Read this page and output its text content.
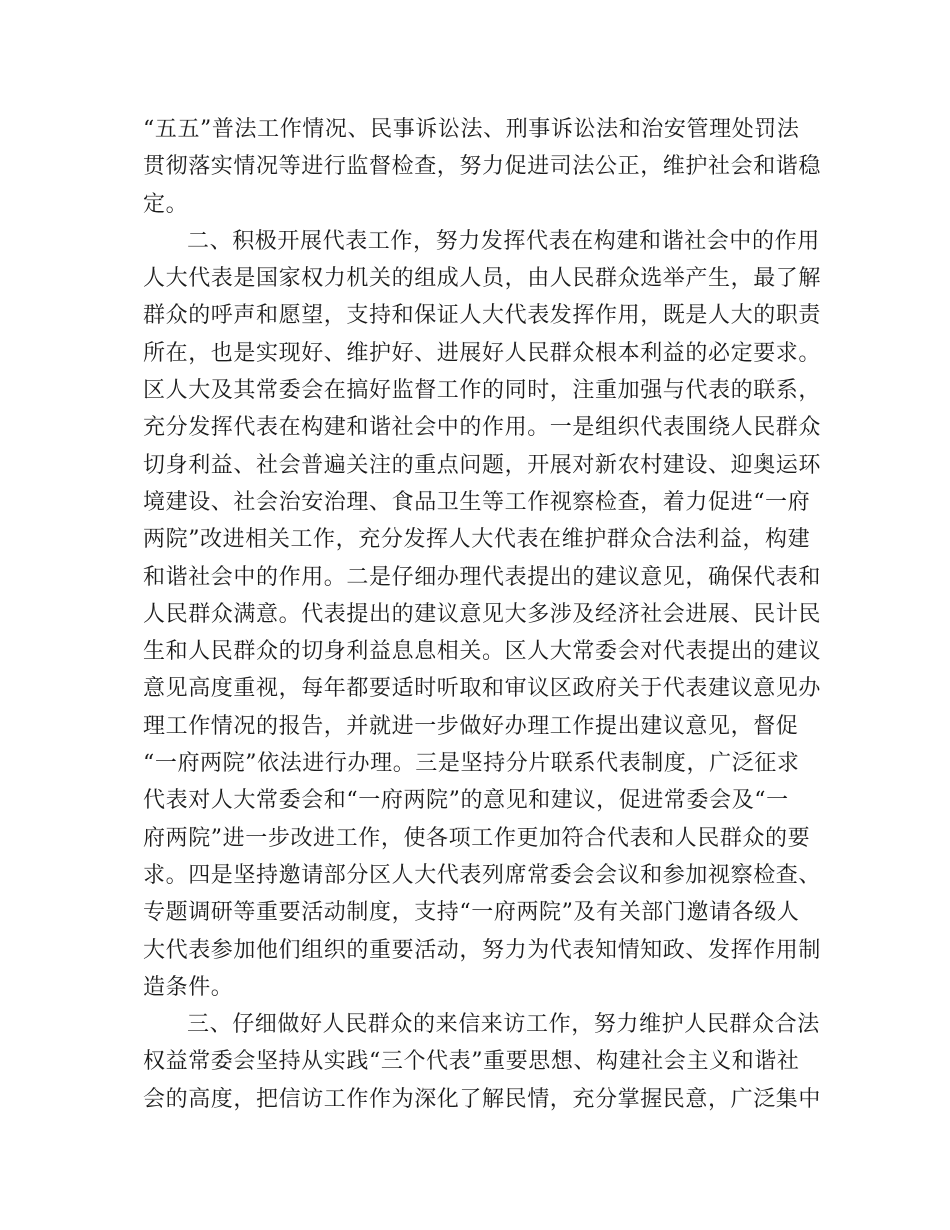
“五五”普法工作情况、民事诉讼法、刑事诉讼法和治安管理处罚法
贯彻落实情况等进行监督检查，努力促进司法公正，维护社会和谐稳
定。
二、积极开展代表工作，努力发挥代表在构建和谐社会中的作用
人大代表是国家权力机关的组成人员，由人民群众选举产生，最了解
群众的呼声和愿望，支持和保证人大代表发挥作用，既是人大的职责
所在，也是实现好、维护好、进展好人民群众根本利益的必定要求。
区人大及其常委会在搞好监督工作的同时，注重加强与代表的联系，
充分发挥代表在构建和谐社会中的作用。一是组织代表围绕人民群众
切身利益、社会普遍关注的重点问题，开展对新农村建设、迎奥运环
境建设、社会治安治理、食品卫生等工作视察检查，着力促进“一府
两院”改进相关工作，充分发挥人大代表在维护群众合法利益，构建
和谐社会中的作用。二是仔细办理代表提出的建议意见，确保代表和
人民群众满意。代表提出的建议意见大多涉及经济社会进展、民计民
生和人民群众的切身利益息息相关。区人大常委会对代表提出的建议
意见高度重视，每年都要适时听取和审议区政府关于代表建议意见办
理工作情况的报告，并就进一步做好办理工作提出建议意见，督促
“一府两院”依法进行办理。三是坚持分片联系代表制度，广泛征求
代表对人大常委会和“一府两院”的意见和建议，促进常委会及“一
府两院”进一步改进工作，使各项工作更加符合代表和人民群众的要
求。四是坚持邀请部分区人大代表列席常委会会议和参加视察检查、
专题调研等重要活动制度，支持“一府两院”及有关部门邀请各级人
大代表参加他们组织的重要活动，努力为代表知情知政、发挥作用制
造条件。
三、仔细做好人民群众的来信来访工作，努力维护人民群众合法
权益常委会坚持从实践“三个代表”重要思想、构建社会主义和谐社
会的高度，把信访工作作为深化了解民情，充分掌握民意，广泛集中
